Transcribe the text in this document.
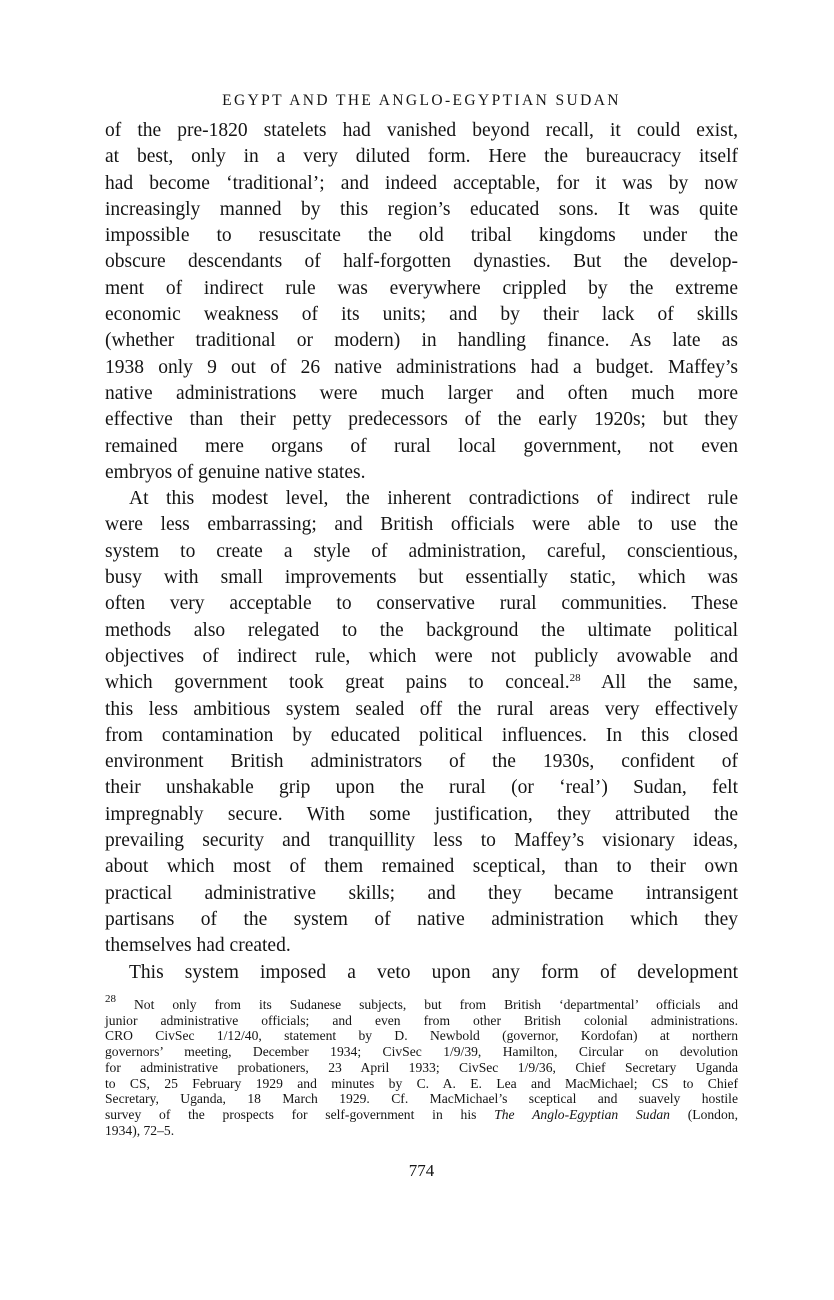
EGYPT AND THE ANGLO-EGYPTIAN SUDAN
of the pre-1820 statelets had vanished beyond recall, it could exist,
at best, only in a very diluted form. Here the bureaucracy itself
had become ‘traditional’; and indeed acceptable, for it was by now
increasingly manned by this region’s educated sons. It was quite
impossible to resuscitate the old tribal kingdoms under the
obscure descendants of half-forgotten dynasties. But the develop-
ment of indirect rule was everywhere crippled by the extreme
economic weakness of its units; and by their lack of skills
(whether traditional or modern) in handling finance. As late as
1938 only 9 out of 26 native administrations had a budget. Maffey’s
native administrations were much larger and often much more
effective than their petty predecessors of the early 1920s; but they
remained mere organs of rural local government, not even
embryos of genuine native states.
At this modest level, the inherent contradictions of indirect rule
were less embarrassing; and British officials were able to use the
system to create a style of administration, careful, conscientious,
busy with small improvements but essentially static, which was
often very acceptable to conservative rural communities. These
methods also relegated to the background the ultimate political
objectives of indirect rule, which were not publicly avowable and
which government took great pains to conceal.$^{28}$ All the same,
this less ambitious system sealed off the rural areas very effectively
from contamination by educated political influences. In this closed
environment British administrators of the 1930s, confident of
their unshakable grip upon the rural (or ‘real’) Sudan, felt
impregnably secure. With some justification, they attributed the
prevailing security and tranquillity less to Maffey’s visionary ideas,
about which most of them remained sceptical, than to their own
practical administrative skills; and they became intransigent
partisans of the system of native administration which they
themselves had created.
This system imposed a veto upon any form of development
$^{28}$ Not only from its Sudanese subjects, but from British ‘departmental’ officials and
junior administrative officials; and even from other British colonial administrations.
CRO CivSec 1/12/40, statement by D. Newbold (governor, Kordofan) at northern
governors’ meeting, December 1934; CivSec 1/9/39, Hamilton, Circular on devolution
for administrative probationers, 23 April 1933; CivSec 1/9/36, Chief Secretary Uganda
to CS, 25 February 1929 and minutes by C. A. E. Lea and MacMichael; CS to Chief
Secretary, Uganda, 18 March 1929. Cf. MacMichael’s sceptical and suavely hostile
survey of the prospects for self-government in his The Anglo-Egyptian Sudan (London,
1934), 72–5.
774
